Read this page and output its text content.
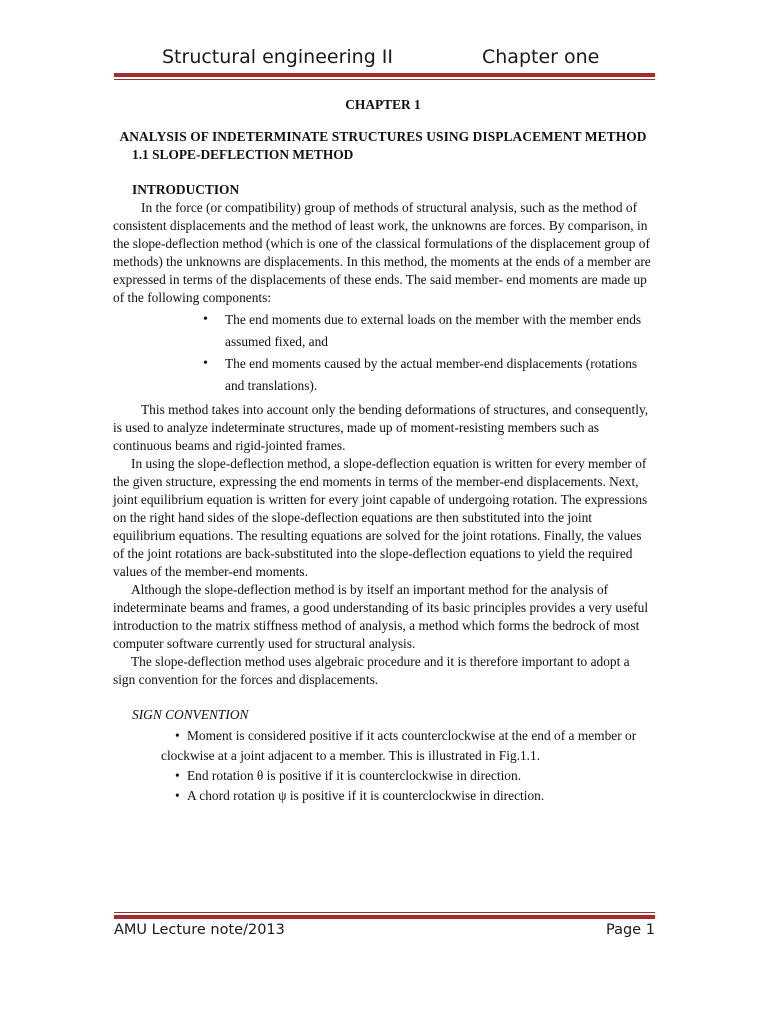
Structural engineering II	Chapter one
CHAPTER 1
ANALYSIS OF INDETERMINATE STRUCTURES USING DISPLACEMENT METHOD
1.1 SLOPE-DEFLECTION METHOD
INTRODUCTION

In the force (or compatibility) group of methods of structural analysis, such as the method of consistent displacements and the method of least work, the unknowns are forces. By comparison, in the slope-deflection method (which is one of the classical formulations of the displacement group of methods) the unknowns are displacements. In this method, the moments at the ends of a member are expressed in terms of the displacements of these ends. The said member- end moments are made up of the following components:

• The end moments due to external loads on the member with the member ends assumed fixed, and
• The end moments caused by the actual member-end displacements (rotations and translations).

This method takes into account only the bending deformations of structures, and consequently, is used to analyze indeterminate structures, made up of moment-resisting members such as continuous beams and rigid-jointed frames.

In using the slope-deflection method, a slope-deflection equation is written for every member of the given structure, expressing the end moments in terms of the member-end displacements. Next, joint equilibrium equation is written for every joint capable of undergoing rotation. The expressions on the right hand sides of the slope-deflection equations are then substituted into the joint equilibrium equations. The resulting equations are solved for the joint rotations. Finally, the values of the joint rotations are back-substituted into the slope-deflection equations to yield the required values of the member-end moments.

Although the slope-deflection method is by itself an important method for the analysis of indeterminate beams and frames, a good understanding of its basic principles provides a very useful introduction to the matrix stiffness method of analysis, a method which forms the bedrock of most computer software currently used for structural analysis.

The slope-deflection method uses algebraic procedure and it is therefore important to adopt a sign convention for the forces and displacements.

SIGN CONVENTION
• Moment is considered positive if it acts counterclockwise at the end of a member or clockwise at a joint adjacent to a member. This is illustrated in Fig.1.1.
• End rotation θ is positive if it is counterclockwise in direction.
• A chord rotation ψ is positive if it is counterclockwise in direction.
AMU Lecture note/2013	Page 1
